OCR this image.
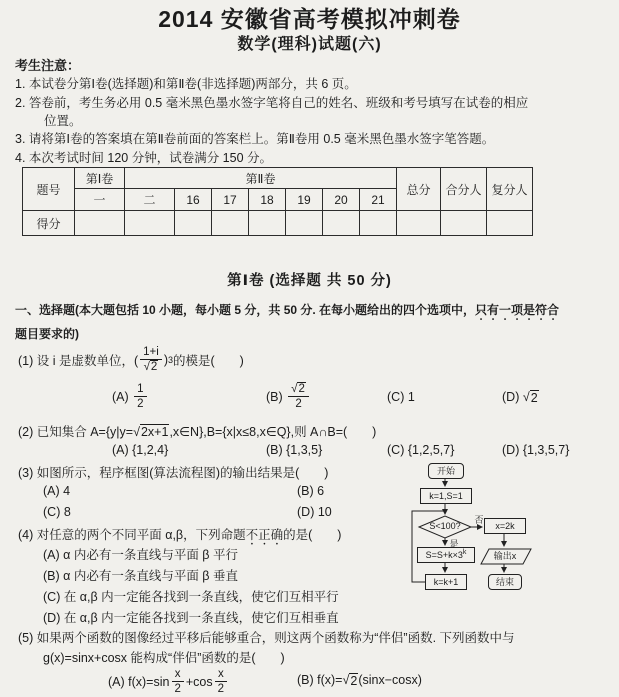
2014 安徽省高考模拟冲刺卷
数学(理科)试题(六)
考生注意：
1. 本试卷分第Ⅰ卷(选择题)和第Ⅱ卷(非选择题)两部分，共 6 页。
2. 答卷前，考生务必用 0.5 毫米黑色墨水签字笔将自己的姓名、班级和考号填写在试卷的相应
位置。
3. 请将第Ⅰ卷的答案填在第Ⅱ卷前面的答案栏上。第Ⅱ卷用 0.5 毫米黑色墨水签字笔答题。
4. 本次考试时间 120 分钟，试卷满分 150 分。
题号	第Ⅰ卷	第Ⅱ卷							总分	合分人	复分人
	一	二	16	17	18	19	20	21			
得分											
第Ⅰ卷 (选择题 共 50 分)
一、选择题(本大题包括 10 小题，每小题 5 分，共 50 分. 在每小题给出的四个选项中，只有一项是符合
题目要求的)
(1) 设 i 是虚数单位，( $\frac{1+i}{√2}$ ) 3 的模是(　　)
(A)
$\frac{1}{2}$	(B)
$\frac{√2}{2}$	(C) 1	(D)
√ 2
(2) 已知集合 A={y|y=√2x+1,x∈N},B={x|x≤8,x∈Q},则 A∩B=(　　)
(A) {1,2,4}	(B) {1,3,5}	(C) {1,2,5,7}	(D) {1,3,5,7}
(3) 如图所示，程序框图(算法流程图)的输出结果是(　　)
(A) 4	(B) 6
(C) 8	(D) 10
(4) 对任意的两个不同平面 α,β，下列命题不正确的是(　　)
(A) α 内必有一条直线与平面 β 平行
(B) α 内必有一条直线与平面 β 垂直
(C) 在 α,β 内一定能各找到一条直线，使它们互相平行
(D) 在 α,β 内一定能各找到一条直线，使它们互相垂直
(5) 如果两个函数的图像经过平移后能够重合，则这两个函数称为“伴侣”函数. 下列函数中与
g(x)=sinx+cosx 能构成“伴侣”函数的是(　　)
(A) $f(x)=\sin \frac{x}{2} +\cos \frac{x}{2}$	(B) f(x)= √ 2 (sinx−cosx)
开始
k=1,S=1
S<100?
否
x=2k
是
$S=S+k\times 3^k$	输出x
k=k+1	结束
